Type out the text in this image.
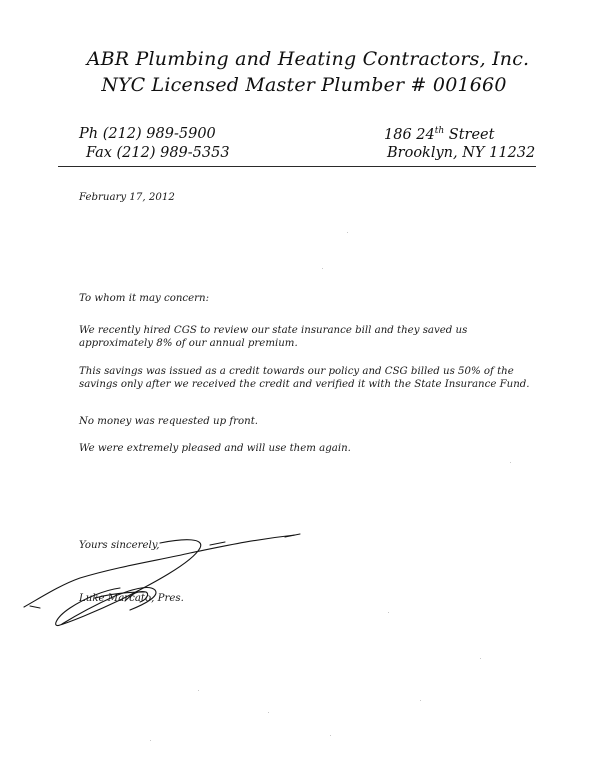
ABR Plumbing and Heating Contractors, Inc.
NYC Licensed Master Plumber # 001660
Ph (212) 989-5900
Fax (212) 989-5353
186 24th Street
Brooklyn, NY 11232
February 17, 2012
To whom it may concern:
We recently hired CGS to review our state insurance bill and they saved us
approximately 8% of our annual premium.
This savings was issued as a credit towards our policy and CSG billed us 50% of the
savings only after we received the credit and verified it with the State Insurance Fund.
No money was requested up front.
We were extremely pleased and will use them again.
Yours sincerely,
Luke Marcato, Pres.
